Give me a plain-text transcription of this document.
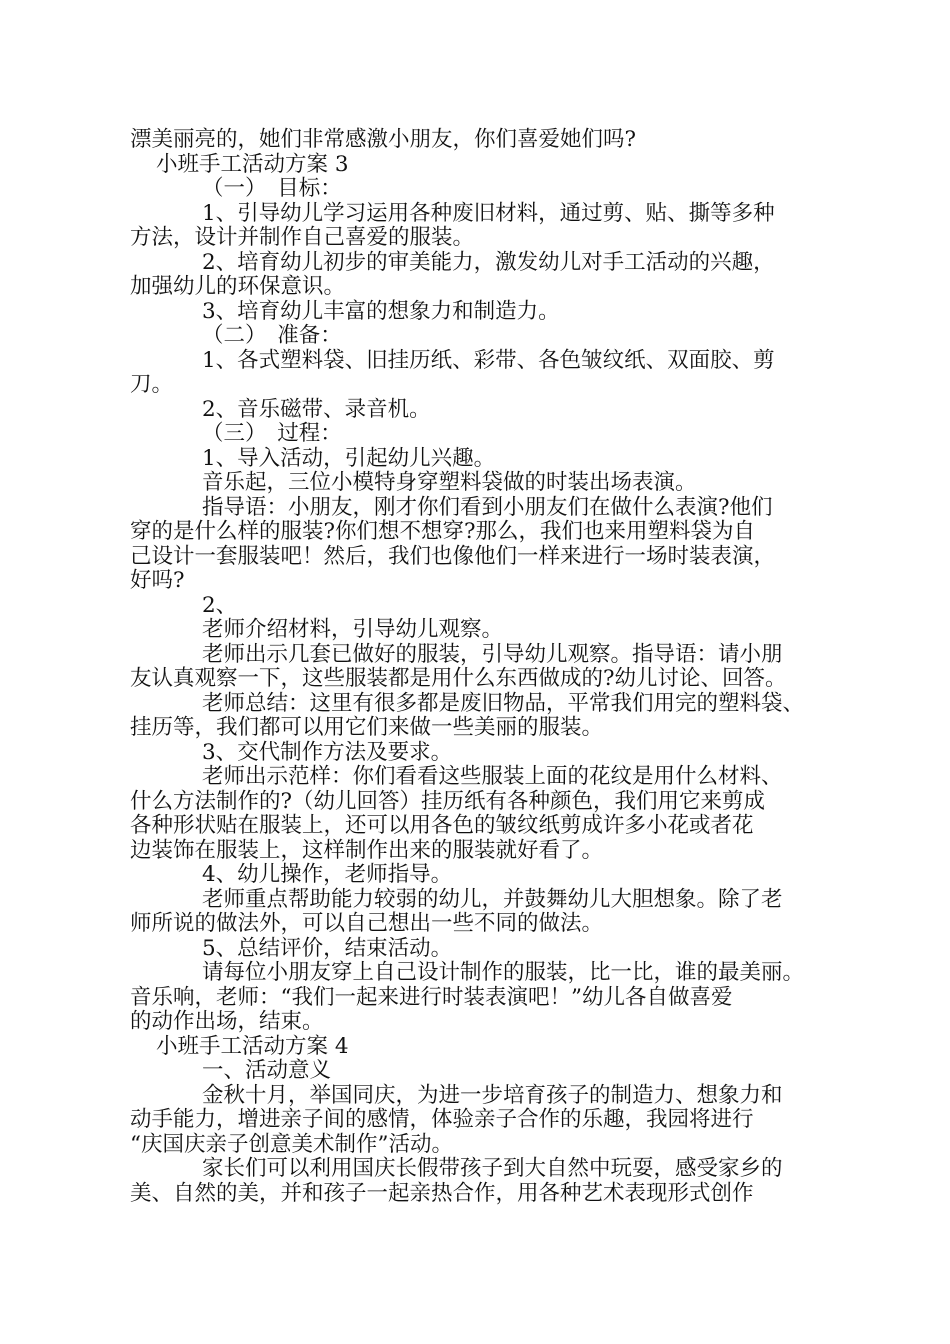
漂美丽亮的，她们非常感激小朋友，你们喜爱她们吗?
小班手工活动方案 3
（一）　目标：
1、引导幼儿学习运用各种废旧材料，通过剪、贴、撕等多种
方法，设计并制作自己喜爱的服装。
2、培育幼儿初步的审美能力，激发幼儿对手工活动的兴趣，
加强幼儿的环保意识。
3、培育幼儿丰富的想象力和制造力。
（二）　准备：
1、各式塑料袋、旧挂历纸、彩带、各色皱纹纸、双面胶、剪
刀。
2、音乐磁带、录音机。
（三）　过程：
1、导入活动，引起幼儿兴趣。
音乐起，三位小模特身穿塑料袋做的时装出场表演。
指导语：小朋友，刚才你们看到小朋友们在做什么表演?他们
穿的是什么样的服装?你们想不想穿?那么，我们也来用塑料袋为自
己设计一套服装吧！然后，我们也像他们一样来进行一场时装表演，
好吗?
2、
老师介绍材料，引导幼儿观察。
老师出示几套已做好的服装，引导幼儿观察。指导语：请小朋
友认真观察一下，这些服装都是用什么东西做成的?幼儿讨论、回答。
老师总结：这里有很多都是废旧物品，平常我们用完的塑料袋、
挂历等，我们都可以用它们来做一些美丽的服装。
3、交代制作方法及要求。
老师出示范样：你们看看这些服装上面的花纹是用什么材料、
什么方法制作的?（幼儿回答）挂历纸有各种颜色，我们用它来剪成
各种形状贴在服装上，还可以用各色的皱纹纸剪成许多小花或者花
边装饰在服装上，这样制作出来的服装就好看了。
4、幼儿操作，老师指导。
老师重点帮助能力较弱的幼儿，并鼓舞幼儿大胆想象。除了老
师所说的做法外，可以自己想出一些不同的做法。
5、总结评价，结束活动。
请每位小朋友穿上自己设计制作的服装，比一比，谁的最美丽。
音乐响，老师：“我们一起来进行时装表演吧！”幼儿各自做喜爱
的动作出场，结束。
小班手工活动方案 4
一、活动意义
金秋十月，举国同庆，为进一步培育孩子的制造力、想象力和
动手能力，增进亲子间的感情，体验亲子合作的乐趣，我园将进行
“庆国庆亲子创意美术制作”活动。
家长们可以利用国庆长假带孩子到大自然中玩耍，感受家乡的
美、自然的美，并和孩子一起亲热合作，用各种艺术表现形式创作
